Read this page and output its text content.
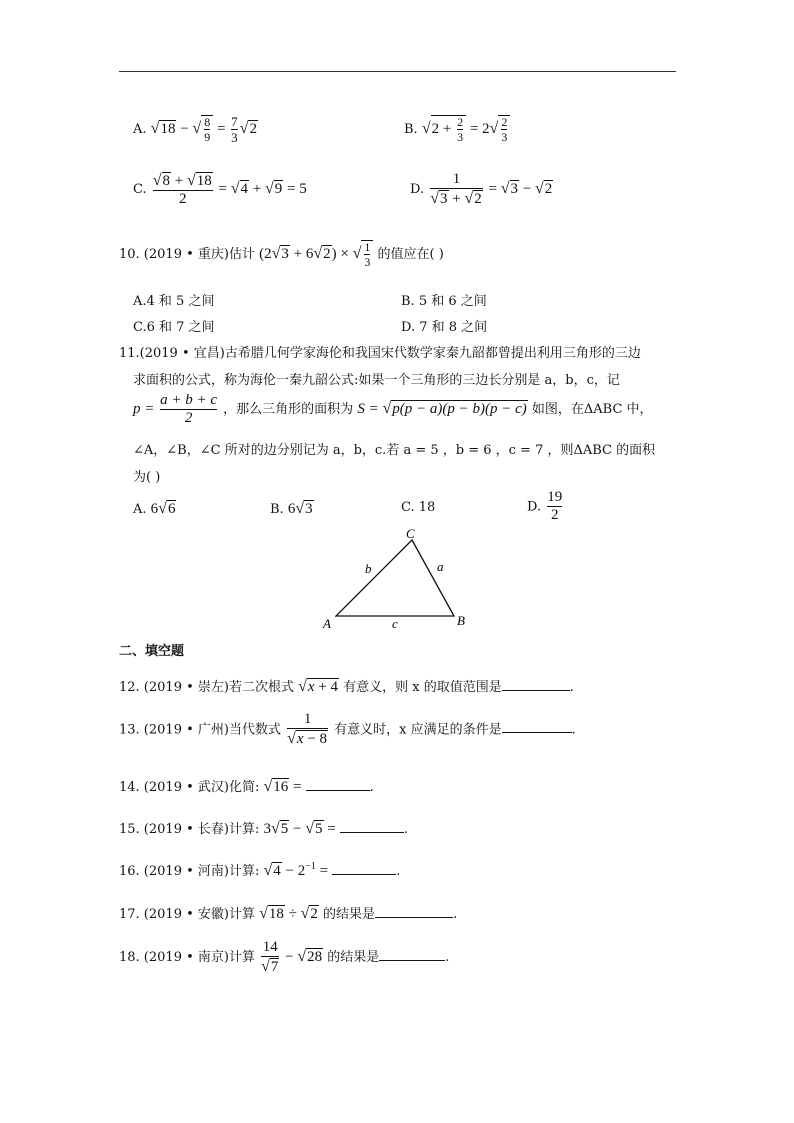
A. √18 − √ $\frac{8}{9} = \frac{7}{3} √2$	B. $√2 + \frac{2}{3} = 2√ \frac{2}{3}$
C. $\frac{√8 + √18}{2} = √4 + √9 = 5$	D. $\frac{1}{√3 + √2} = √3 - √2$
10. (2019 • 重庆)估计 (2√3 + 6√2) × √ $\frac{1}{3}$ 的值应在( )
A.4 和 5 之间	B. 5 和 6 之间
C.6 和 7 之间	D. 7 和 8 之间
11.(2019 • 宜昌)古希腊几何学家海伦和我国宋代数学家秦九韶都曾提出利用三角形的三边
求面积的公式，称为海伦一秦九韶公式:如果一个三角形的三边长分别是 a，b，c，记
$p = \frac{a + b + c}{2}$ ，那么三角形的面积为 S = √p(p − a)(p − b)(p − c) 如图，在ΔABC 中，
∠A，∠B，∠C 所对的边分别记为 a，b，c.若 a = 5 ，b = 6 ，c = 7 ，则ΔABC 的面积
为( )
A. 6√6	B. 6√3	C. 18	D. $\frac{19}{2}$
A	B
C
a
b
c
二、填空题
12. (2019 • 崇左)若二次根式 √x + 4 有意义，则 x 的取值范围是	.
13. (2019 • 广州)当代数式 $\frac{1}{√x - 8}$ 有意义时，x 应满足的条件是	.
14. (2019 • 武汉)化简: √16 =	.
15. (2019 • 长春)计算: 3√5 − √5 =	.
16. (2019 • 河南)计算: $√4 - 2^{-1}$ =	.
17. (2019 • 安徽)计算 √18 ÷ √2 的结果是	.
18. (2019 • 南京)计算 $\frac{14}{√7} - √28$ 的结果是	.
